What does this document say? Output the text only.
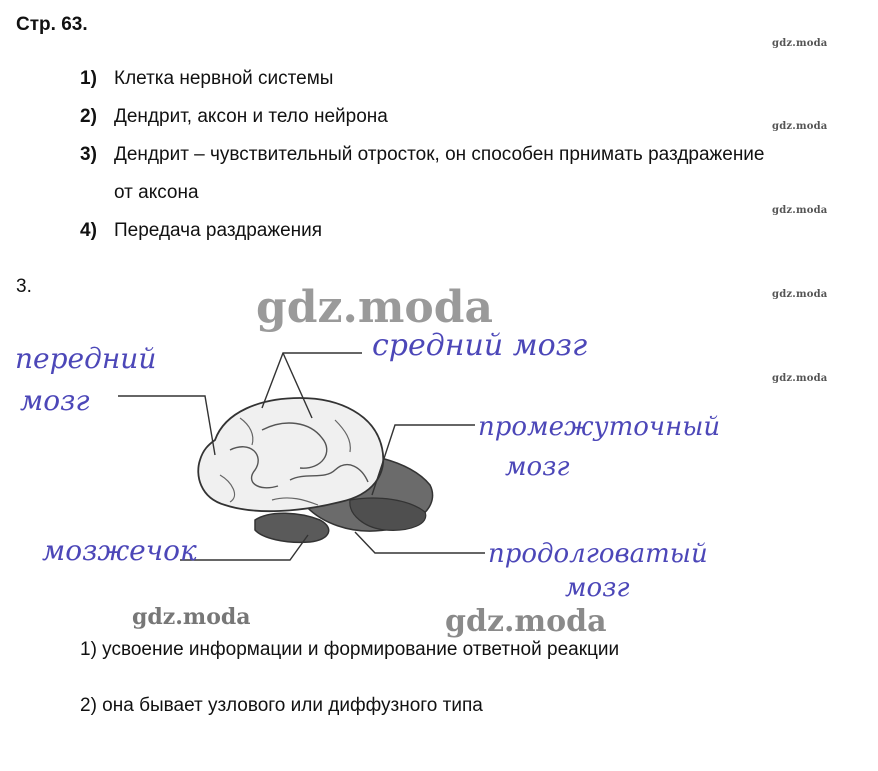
Стр. 63.
1) Клетка нервной системы
2) Дендрит, аксон и тело нейрона
3) Дендрит – чувствительный отросток, он способен прнимать раздражение
от аксона
4) Передача раздражения
gdz.moda
gdz.moda
gdz.moda
gdz.moda
gdz.moda
3.	gdz.moda
gdz.moda	gdz.moda
передний
мозг
средний мозг
промежуточный
мозг
мозжечок	продолговатый
мозг
1) усвоение информации и формирование ответной реакции
2) она бывает узлового или диффузного типа
